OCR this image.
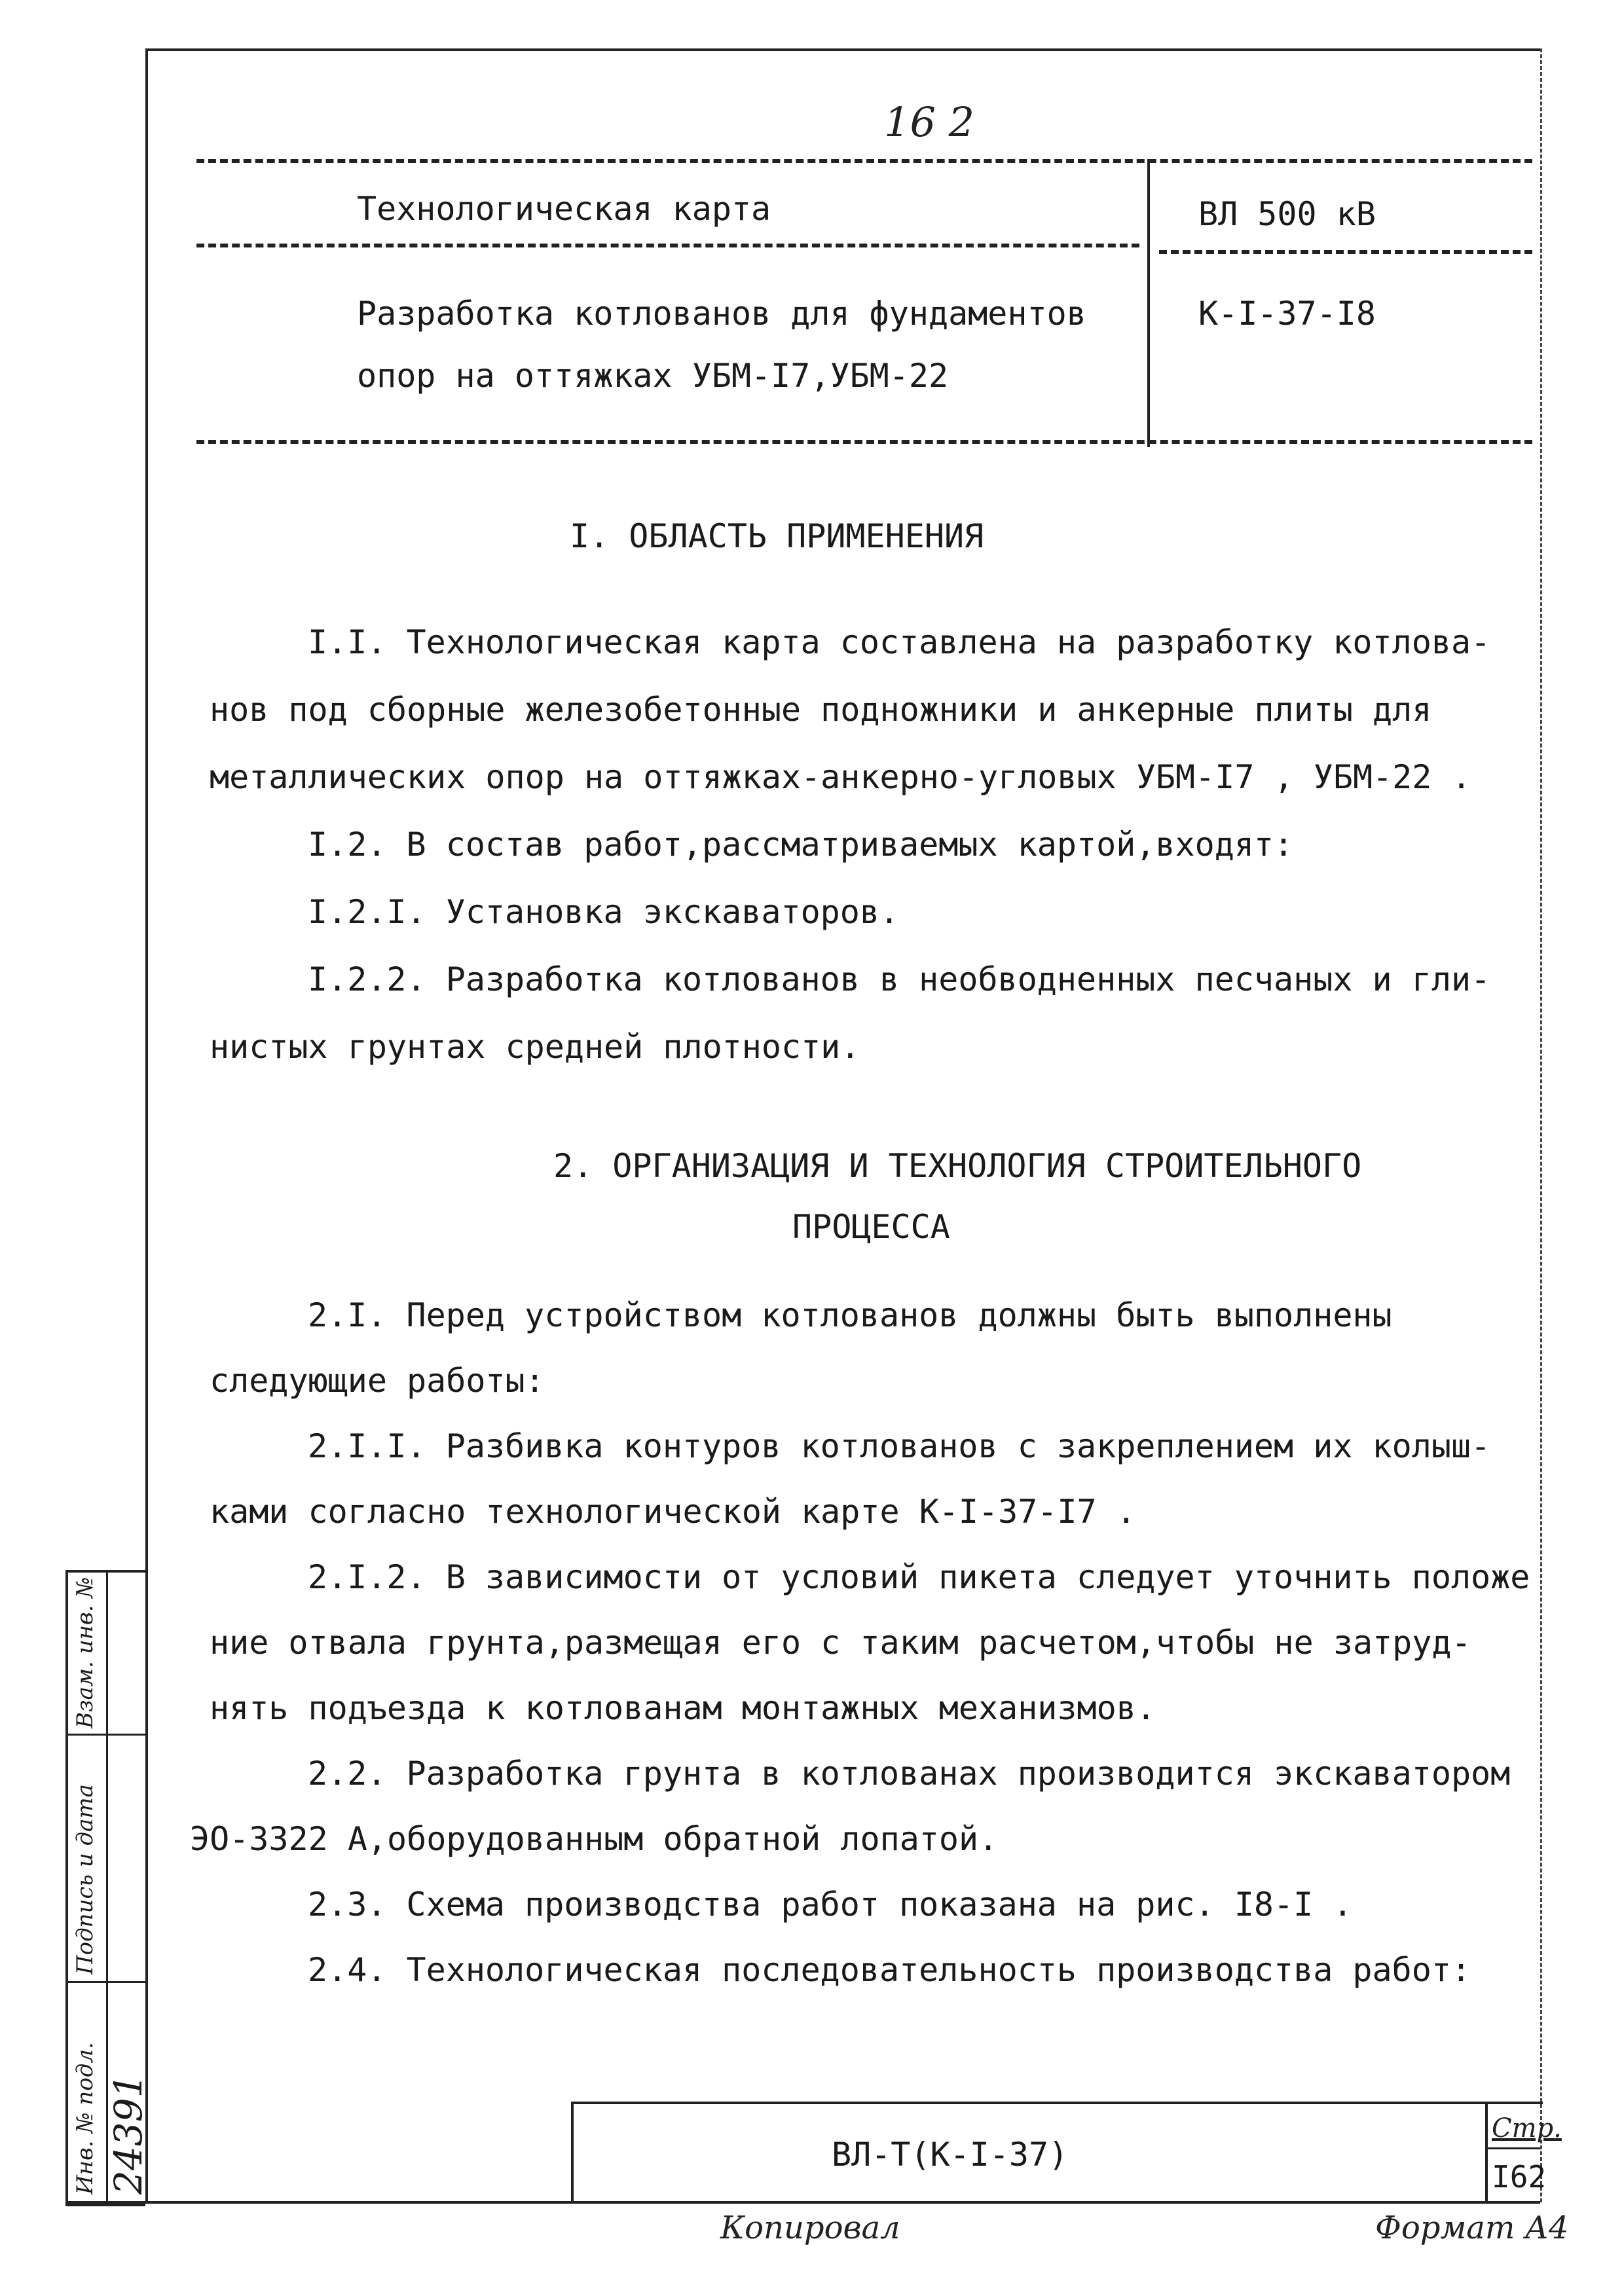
16 2
Технологическая карта	ВЛ 500 кВ
Разработка котлованов для фундаментов	К-I-37-I8
опор на оттяжках УБМ-І7,УБМ-22
I. ОБЛАСТЬ ПРИМЕНЕНИЯ
I.I. Технологическая карта составлена на разработку котлова-
нов под сборные железобетонные подножники и анкерные плиты для
металлических опор на оттяжках-анкерно-угловых УБМ-I7 , УБМ-22 .
I.2. В состав работ,рассматриваемых картой,входят:
I.2.I. Установка экскаваторов.
I.2.2. Разработка котлованов в необводненных песчаных и гли-
нистых грунтах средней плотности.
2. ОРГАНИЗАЦИЯ И ТЕХНОЛОГИЯ СТРОИТЕЛЬНОГО
ПРОЦЕССА
2.I. Перед устройством котлованов должны быть выполнены
следующие работы:
2.I.I. Разбивка контуров котлованов с закреплением их колыш-
ками согласно технологической карте К-I-37-I7 .
2.I.2. В зависимости от условий пикета следует уточнить положе
ние отвала грунта,размещая его с таким расчетом,чтобы не затруд-
нять подъезда к котлованам монтажных механизмов.
2.2. Разработка грунта в котлованах производится экскаватором
ЭО-3322 А,оборудованным обратной лопатой.
2.3. Схема производства работ показана на рис. I8-I .
2.4. Технологическая последовательность производства работ:
Взам. инв. №
Подпись и дата
Инв. № подл. 24391	ВЛ-Т(К-I-37)
Стр.
I62
Копировал	Формат А4
